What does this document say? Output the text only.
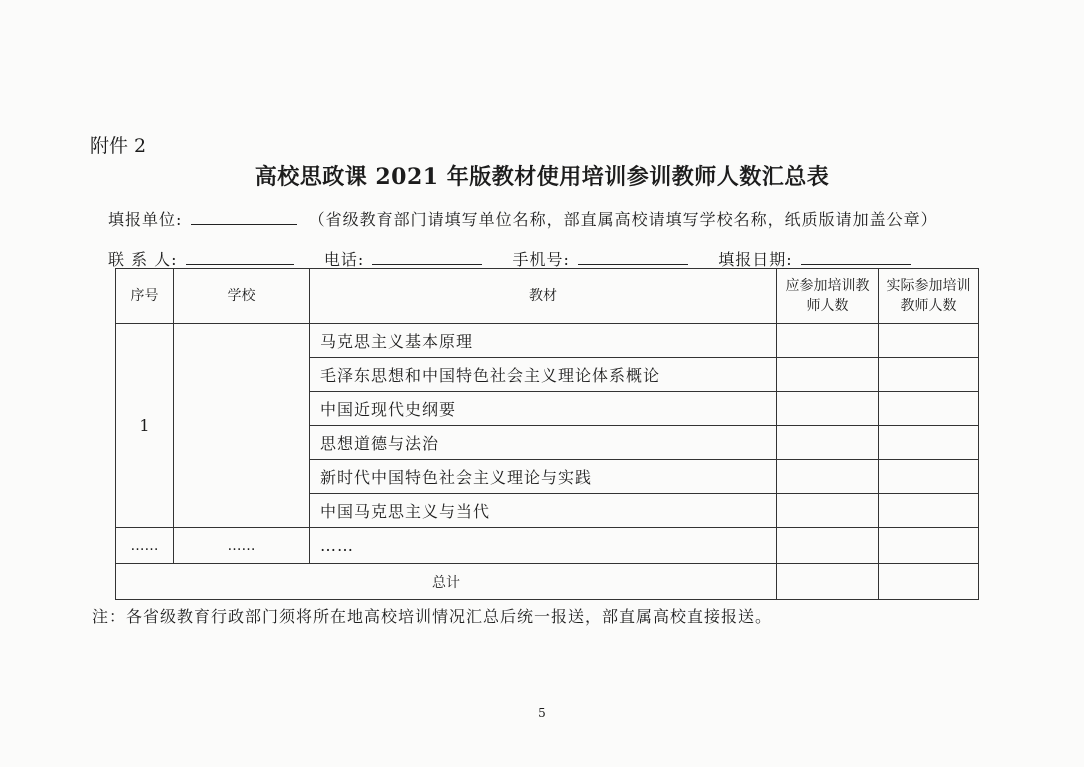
附件 2
高校思政课 2021 年版教材使用培训参训教师人数汇总表
填报单位:	（省级教育部门请填写单位名称，部直属高校请填写学校名称，纸质版请加盖公章）
联 系 人:	电话:	手机号:	填报日期:
序号	学校	教材	应参加培训教师人数	实际参加培训教师人数
1		马克思主义基本原理		
		毛泽东思想和中国特色社会主义理论体系概论		
		中国近现代史纲要		
		思想道德与法治		
		新时代中国特色社会主义理论与实践		
		中国马克思主义与当代		
……	……	……		
总计				
注：各省级教育行政部门须将所在地高校培训情况汇总后统一报送，部直属高校直接报送。
5
